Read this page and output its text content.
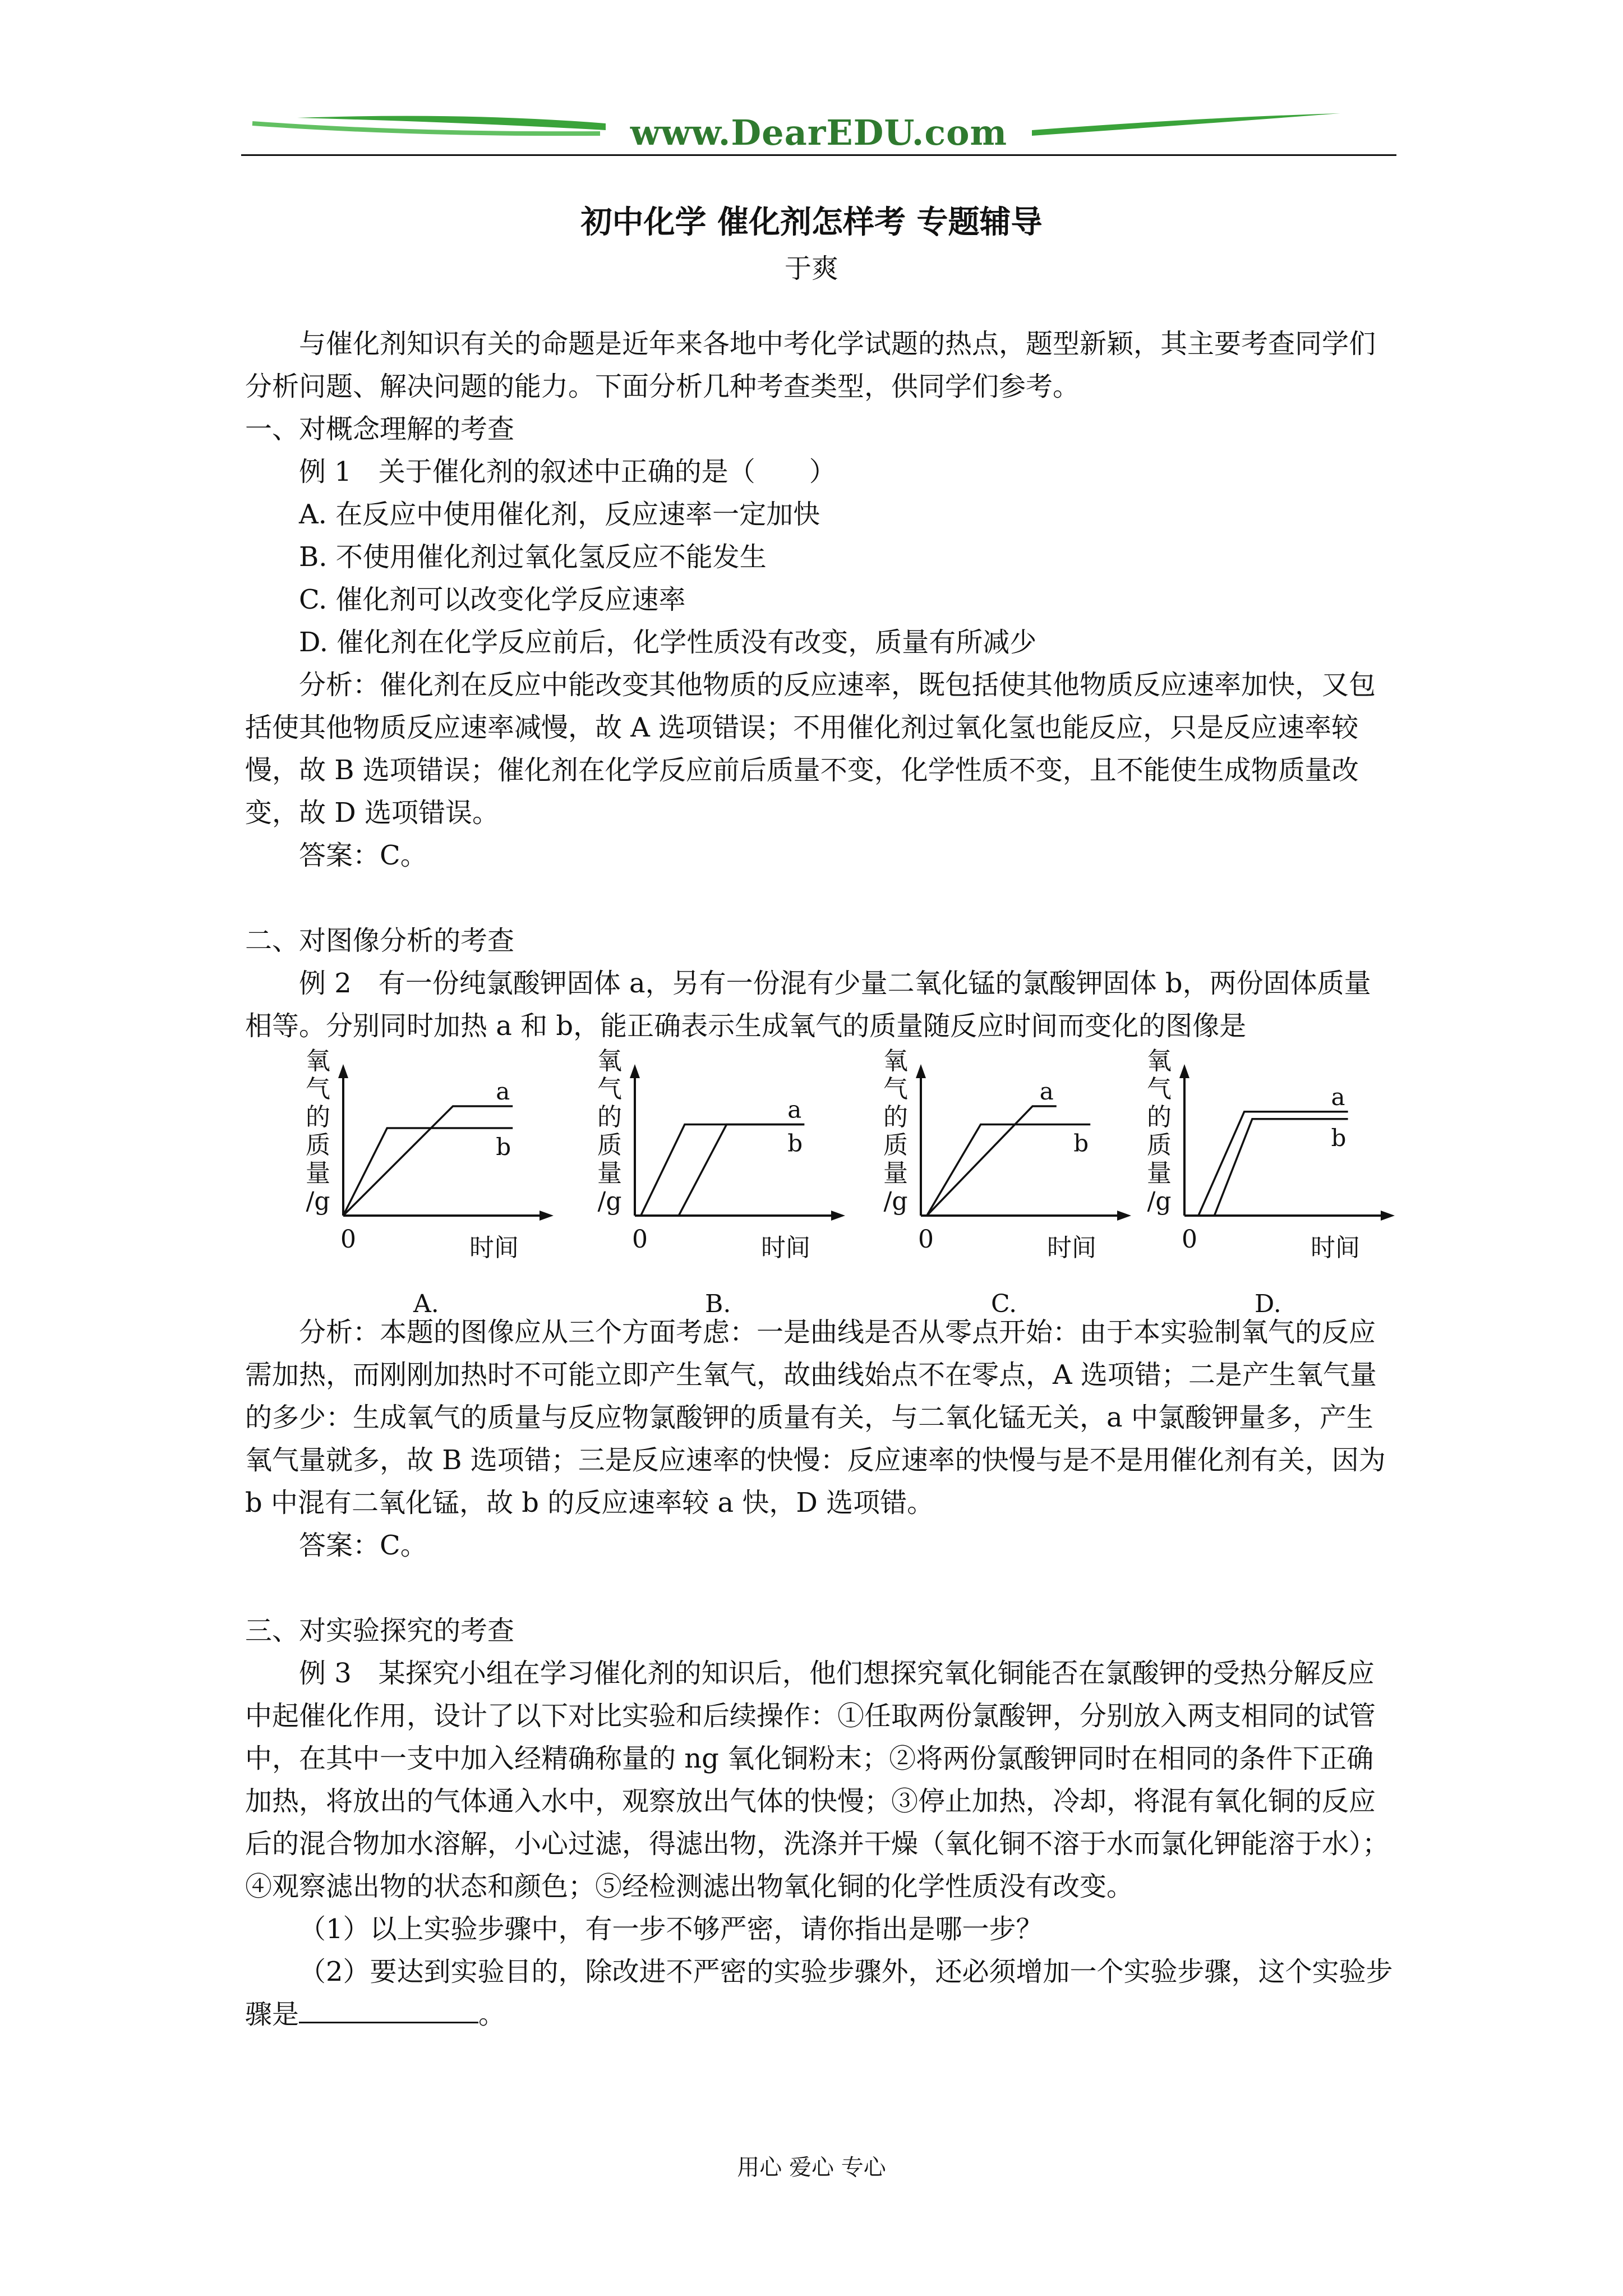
www.DearEDU.com
初中化学 催化剂怎样考 专题辅导
于爽

与催化剂知识有关的命题是近年来各地中考化学试题的热点，题型新颖，其主要考查同学们分析问题、解决问题的能力。下面分析几种考查类型，供同学们参考。

一、对概念理解的考查

例 1　关于催化剂的叙述中正确的是（　　）

A. 在反应中使用催化剂，反应速率一定加快

B. 不使用催化剂过氧化氢反应不能发生

C. 催化剂可以改变化学反应速率

D. 催化剂在化学反应前后，化学性质没有改变，质量有所减少

分析：催化剂在反应中能改变其他物质的反应速率，既包括使其他物质反应速率加快，又包括使其他物质反应速率减慢，故 A 选项错误；不用催化剂过氧化氢也能反应，只是反应速率较慢，故 B 选项错误；催化剂在化学反应前后质量不变，化学性质不变，且不能使生成物质量改变，故 D 选项错误。

答案：C。

二、对图像分析的考查

例 2　有一份纯氯酸钾固体 a，另有一份混有少量二氧化锰的氯酸钾固体 b，两份固体质量相等。分别同时加热 a 和 b，能正确表示生成氧气的质量随反应时间而变化的图像是

氧
气
的
质
量
/g
a
b
0	时间
A.
氧
气
的
质
量
/g
a
b
0	时间
B.
氧
气
的
质
量
/g
a
b
0	时间
C.
氧
气
的
质
量
/g
a
b
0	时间
D.

分析：本题的图像应从三个方面考虑：一是曲线是否从零点开始：由于本实验制氧气的反应需加热，而刚刚加热时不可能立即产生氧气，故曲线始点不在零点，A 选项错；二是产生氧气量的多少：生成氧气的质量与反应物氯酸钾的质量有关，与二氧化锰无关，a 中氯酸钾量多，产生氧气量就多，故 B 选项错；三是反应速率的快慢：反应速率的快慢与是不是用催化剂有关，因为 b 中混有二氧化锰，故 b 的反应速率较 a 快，D 选项错。

答案：C。

三、对实验探究的考查

例 3　某探究小组在学习催化剂的知识后，他们想探究氧化铜能否在氯酸钾的受热分解反应中起催化作用，设计了以下对比实验和后续操作：①任取两份氯酸钾，分别放入两支相同的试管中，在其中一支中加入经精确称量的 ng 氧化铜粉末；②将两份氯酸钾同时在相同的条件下正确加热，将放出的气体通入水中，观察放出气体的快慢；③停止加热，冷却，将混有氧化铜的反应后的混合物加水溶解，小心过滤，得滤出物，洗涤并干燥（氧化铜不溶于水而氯化钾能溶于水）；④观察滤出物的状态和颜色；⑤经检测滤出物氧化铜的化学性质没有改变。

（1）以上实验步骤中，有一步不够严密，请你指出是哪一步？

（2）要达到实验目的，除改进不严密的实验步骤外，还必须增加一个实验步骤，这个实验步骤是	。

用心 爱心 专心
